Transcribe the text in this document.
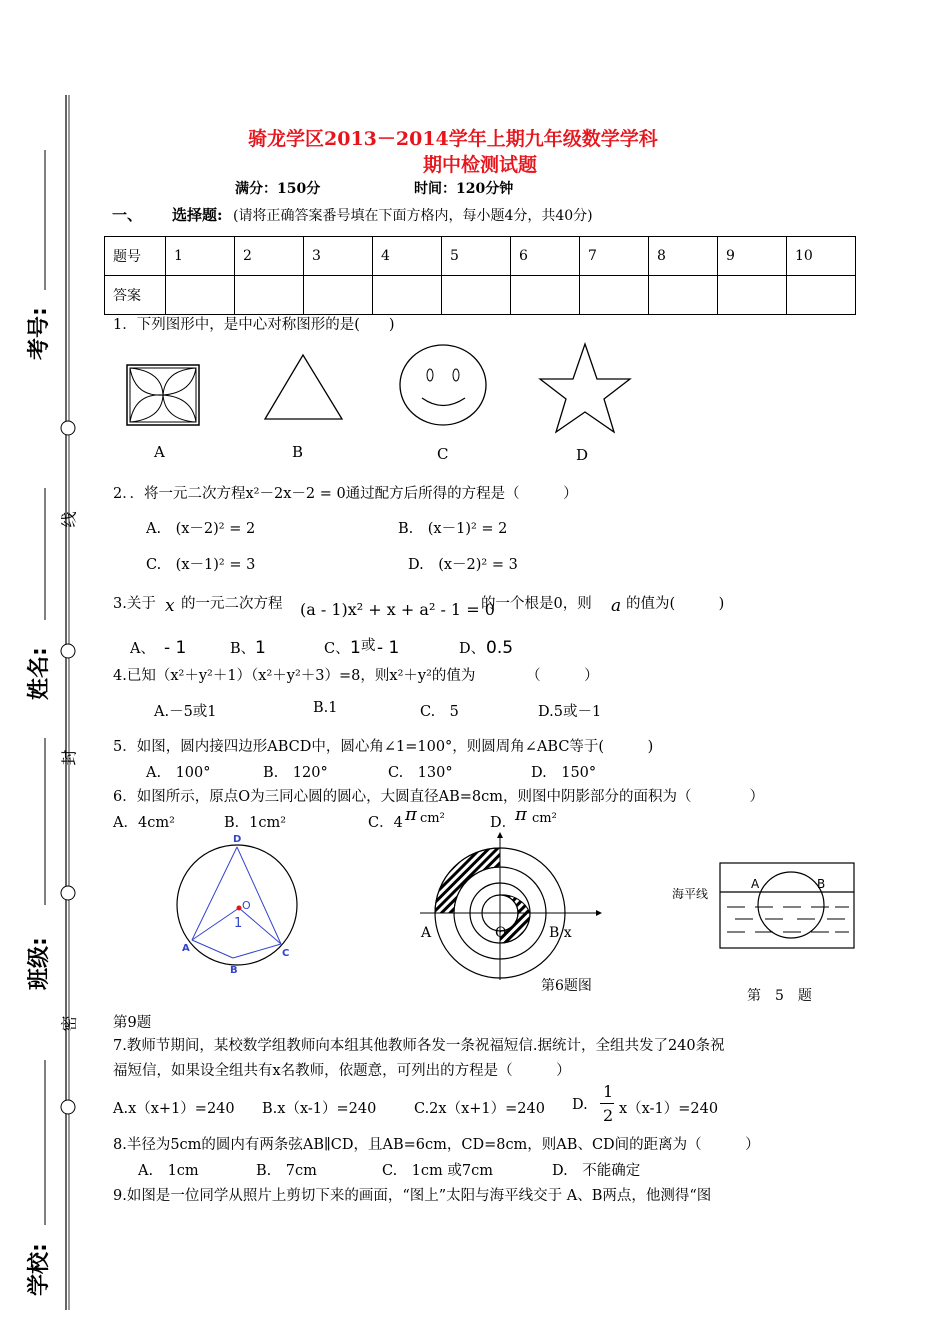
考号:
姓名:
班级:
学校:
线
封
密
骑龙学区2013－2014学年上期九年级数学学科
期中检测试题
满分：150分	时间：120分钟
一、 选择题: (请将正确答案番号填在下面方格内，每小题4分，共40分)
题号	1	2	3	4	5	6	7	8	9	10
答案										
1．下列图形中，是中心对称图形的是(　　)
A	B	C	D
2．．将一元二次方程x²－2x－2 = 0通过配方后所得的方程是（　　　）
A.　(x－2)² = 2	B.　(x－1)² = 2
C.　(x－1)² = 3	D.　(x－2)² = 3
3.关于 x 的一元二次方程 (a - 1)x² + x + a² - 1 = 0
的一个根是0，则 a 的值为(　　　)
A、 - 1	B、 1	C、 1 或 - 1	D、 0.5
4.已知（x²＋y²＋1）（x²＋y²＋3）=8，则x²＋y²的值为　　　　（　　　）
A.－5或1	B.1	C.　5	D.5或－1
5．如图，圆内接四边形ABCD中，圆心角∠1=100°，则圆周角∠ABC等于(　　　)
A.　100°	B.　120°	C.　130°	D.　150°
6．如图所示，原点O为三同心圆的圆心，大圆直径AB=8cm，则图中阴影部分的面积为（　　　　）
A．4cm²	B．1cm²	C．4 π cm²	D．
π cm²
D
O
1
A
B
C
A	O	B x
第6题图
海平线
A	B
第　5　题
第9题
7.教师节期间，某校数学组教师向本组其他教师各发一条祝福短信.据统计，全组共发了240条祝
福短信，如果设全组共有x名教师，依题意，可列出的方程是（　　　）
A.x（x+1）=240 B.x（x-1）=240	C.2x（x+1）=240 D.
1
2 x（x-1）=240
8.半径为5cm的圆内有两条弦AB∥CD，且AB=6cm，CD=8cm，则AB、CD间的距离为（　　　）
A.　1cm	B.　7cm	C.　1cm 或7cm	D.　不能确定
9.如图是一位同学从照片上剪切下来的画面，“图上”太阳与海平线交于 A、B两点，他测得“图
